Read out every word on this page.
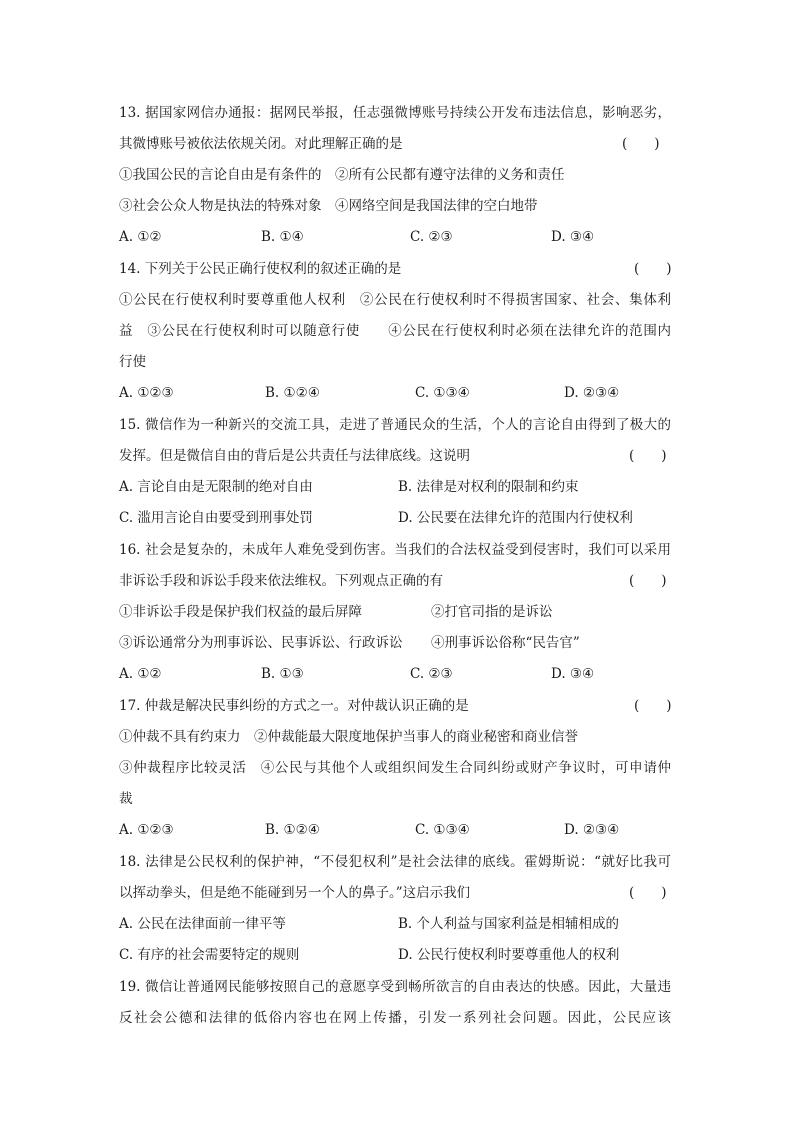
13. 据国家网信办通报：据网民举报，任志强微博账号持续公开发布违法信息，影响恶劣，
其微博账号被依法依规关闭。对此理解正确的是	(　　)
①我国公民的言论自由是有条件的　②所有公民都有遵守法律的义务和责任
③社会公众人物是执法的特殊对象　④网络空间是我国法律的空白地带
A. ①②	B. ①④	C. ②③	D. ③④
14. 下列关于公民正确行使权利的叙述正确的是	(　　)
①公民在行使权利时要尊重他人权利　②公民在行使权利时不得损害国家、社会、集体利
益　③公民在行使权利时可以随意行使　　④公民在行使权利时必须在法律允许的范围内
行使
A. ①②③	B. ①②④	C. ①③④	D. ②③④
15. 微信作为一种新兴的交流工具，走进了普通民众的生活，个人的言论自由得到了极大的
发挥。但是微信自由的背后是公共责任与法律底线。这说明	(　　)
A. 言论自由是无限制的绝对自由	B. 法律是对权利的限制和约束
C. 滥用言论自由要受到刑事处罚	D. 公民要在法律允许的范围内行使权利
16. 社会是复杂的，未成年人难免受到伤害。当我们的合法权益受到侵害时，我们可以采用
非诉讼手段和诉讼手段来依法维权。下列观点正确的有	(　　)
①非诉讼手段是保护我们权益的最后屏障	②打官司指的是诉讼
③诉讼通常分为刑事诉讼、民事诉讼、行政诉讼 ④刑事诉讼俗称“民告官”
A. ①②	B. ①③	C. ②③	D. ③④
17. 仲裁是解决民事纠纷的方式之一。对仲裁认识正确的是	(　　)
①仲裁不具有约束力　②仲裁能最大限度地保护当事人的商业秘密和商业信誉
③仲裁程序比较灵活　④公民与其他个人或组织间发生合同纠纷或财产争议时，可申请仲
裁
A. ①②③	B. ①②④	C. ①③④	D. ②③④
18. 法律是公民权利的保护神，“不侵犯权利”是社会法律的底线。霍姆斯说：“就好比我可
以挥动拳头，但是绝不能碰到另一个人的鼻子。”这启示我们	(　　)
A. 公民在法律面前一律平等	B. 个人利益与国家利益是相辅相成的
C. 有序的社会需要特定的规则	D. 公民行使权利时要尊重他人的权利
19. 微信让普通网民能够按照自己的意愿享受到畅所欲言的自由表达的快感。因此，大量违
反社会公德和法律的低俗内容也在网上传播，引发一系列社会问题。因此，公民应该
